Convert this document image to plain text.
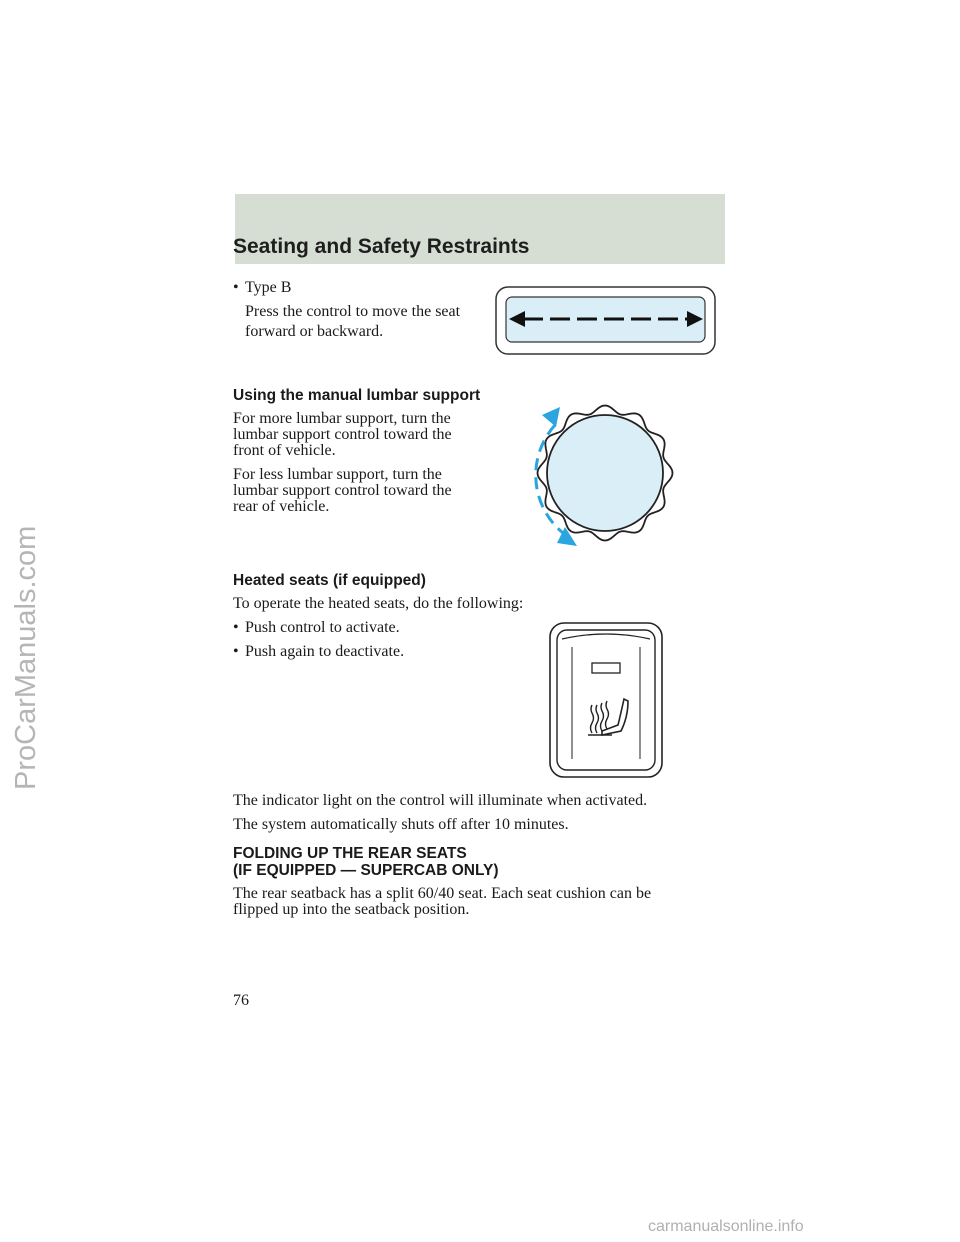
Seating and Safety Restraints
• Type B
Press the control to move the seat
forward or backward.
Using the manual lumbar support
For more lumbar support, turn the
lumbar support control toward the
front of vehicle.
For less lumbar support, turn the
lumbar support control toward the
rear of vehicle.
Heated seats (if equipped)
To operate the heated seats, do the following:
• Push control to activate.
• Push again to deactivate.
The indicator light on the control will illuminate when activated.
The system automatically shuts off after 10 minutes.
FOLDING UP THE REAR SEATS
(IF EQUIPPED — SUPERCAB ONLY)
The rear seatback has a split 60/40 seat. Each seat cushion can be
flipped up into the seatback position.
76
ProCarManuals.com
carmanualsonline.info
